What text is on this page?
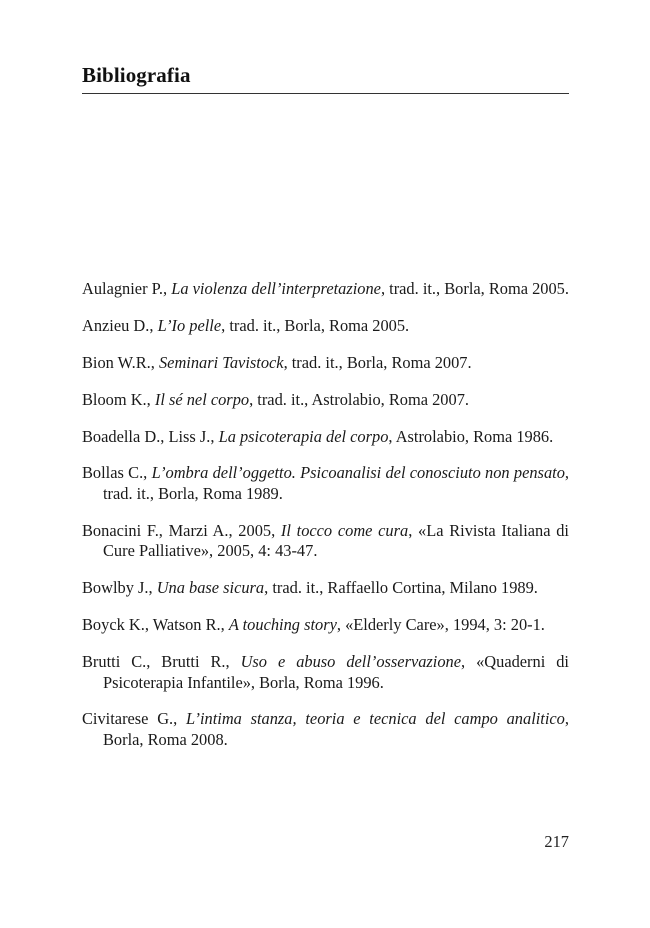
Bibliografia

Aulagnier P., La violenza dell’interpretazione, trad. it., Borla, Roma 2005.

Anzieu D., L’Io pelle, trad. it., Borla, Roma 2005.

Bion W.R., Seminari Tavistock, trad. it., Borla, Roma 2007.

Bloom K., Il sé nel corpo, trad. it., Astrolabio, Roma 2007.

Boadella D., Liss J., La psicoterapia del corpo, Astrolabio, Roma 1986.

Bollas C., L’ombra dell’oggetto. Psicoanalisi del conosciuto non pensato, trad. it., Borla, Roma 1989.

Bonacini F., Marzi A., 2005, Il tocco come cura, «La Rivista Italiana di Cure Palliative», 2005, 4: 43-47.

Bowlby J., Una base sicura, trad. it., Raffaello Cortina, Milano 1989.

Boyck K., Watson R., A touching story, «Elderly Care», 1994, 3: 20-1.

Brutti C., Brutti R., Uso e abuso dell’osservazione, «Quaderni di Psicoterapia Infantile», Borla, Roma 1996.

Civitarese G., L’intima stanza, teoria e tecnica del campo analitico, Borla, Roma 2008.

217
